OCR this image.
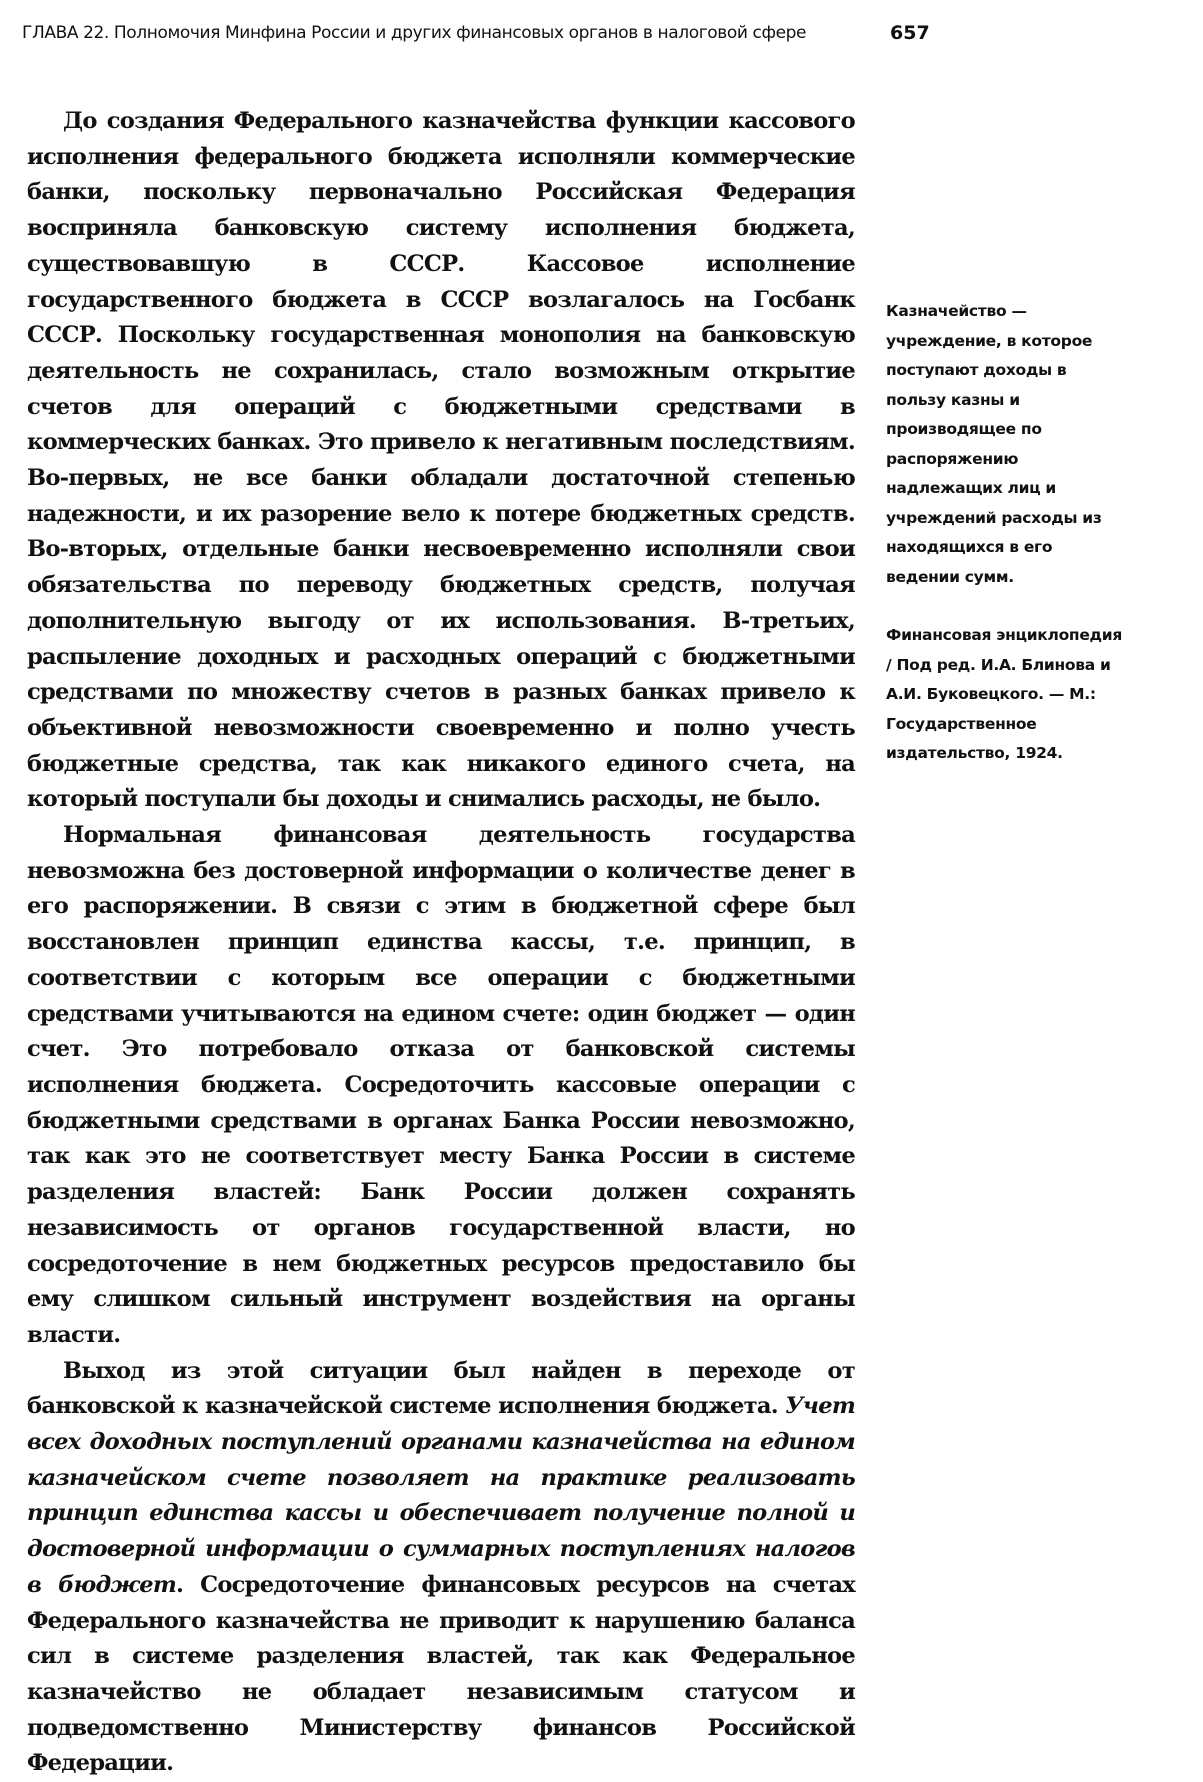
ГЛАВА 22. Полномочия Минфина России и других финансовых органов в налоговой сфере	657

До создания Федерального казначейства функции кассового исполнения федерального бюджета исполняли коммерческие банки, поскольку первоначально Российская Федерация восприняла банковскую систему исполнения бюджета, существовавшую в СССР. Кассовое исполнение государственного бюджета в СССР возлагалось на Госбанк СССР. Поскольку государственная монополия на банковскую деятельность не сохранилась, стало возможным открытие счетов для операций с бюджетными средствами в коммерческих банках. Это привело к негативным последствиям. Во-первых, не все банки обладали достаточной степенью надежности, и их разорение вело к потере бюджетных средств. Во-вторых, отдельные банки несвоевременно исполняли свои обязательства по переводу бюджетных средств, получая дополнительную выгоду от их использования. В-третьих, распыление доходных и расходных операций с бюджетными средствами по множеству счетов в разных банках привело к объективной невозможности своевременно и полно учесть бюджетные средства, так как никакого единого счета, на который поступали бы доходы и снимались расходы, не было.

Нормальная финансовая деятельность государства невозможна без достоверной информации о количестве денег в его распоряжении. В связи с этим в бюджетной сфере был восстановлен принцип единства кассы, т.е. принцип, в соответствии с которым все операции с бюджетными средствами учитываются на едином счете: один бюджет — один счет. Это потребовало отказа от банковской системы исполнения бюджета. Сосредоточить кассовые операции с бюджетными средствами в органах Банка России невозможно, так как это не соответствует месту Банка России в системе разделения властей: Банк России должен сохранять независимость от органов государственной власти, но сосредоточение в нем бюджетных ресурсов предоставило бы ему слишком сильный инструмент воздействия на органы власти.

Выход из этой ситуации был найден в переходе от банковской к казначейской системе исполнения бюджета. Учет всех доходных поступлений органами казначейства на едином казначейском счете позволяет на практике реализовать принцип единства кассы и обеспечивает получение полной и достоверной информации о суммарных поступлениях налогов в бюджет. Сосредоточение финансовых ресурсов на счетах Федерального казначейства не приводит к нарушению баланса сил в системе разделения властей, так как Федеральное казначейство не обладает независимым статусом и подведомственно Министерству финансов Российской Федерации.

Казначейство — учреждение, в которое поступают доходы в пользу казны и производящее по распоряжению надлежащих лиц и учреждений расходы из находящихся в его ведении сумм.

Финансовая энциклопедия / Под ред. И.А. Блинова и А.И. Буковецкого. — М.: Государственное издательство, 1924.
